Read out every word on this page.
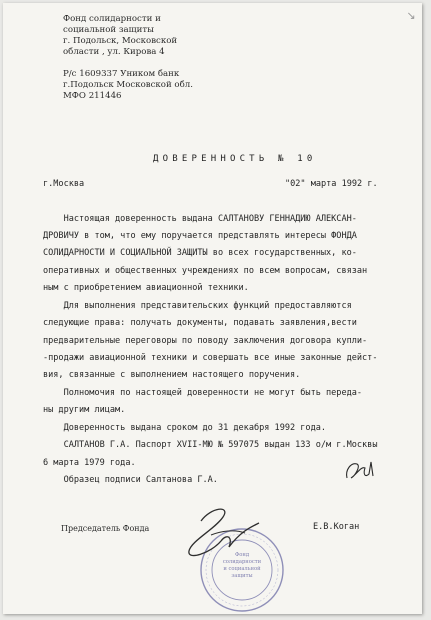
↘
Фонд солидарности и
социальной защиты
г. Подольск, Московской
области , ул. Кирова 4
Р/с 1609337 Уником банк
г.Подольск Московской обл.
МФО 211446
ДОВЕРЕННОСТЬ № 10
г.Москва	"02" марта 1992 г.
Настоящая доверенность выдана САЛТАНОВУ ГЕННАДИЮ АЛЕКСАН-
ДРОВИЧУ в том, что ему поручается представлять интересы ФОНДА
СОЛИДАРНОСТИ И СОЦИАЛЬНОЙ ЗАЩИТЫ во всех государственных, ко-
оперативных и общественных учреждениях по всем вопросам, связан
ным с приобретением авиационной техники.
Для выполнения представительских функций предоставляются
следующие права: получать документы, подавать заявления,вести
предварительные переговоры по поводу заключения договора купли-
-продажи авиационной техники и совершать все иные законные дейст-
вия, связанные с выполнением настоящего поручения.
Полномочия по настоящей доверенности не могут быть переда-
ны другим лицам.
Доверенность выдана сроком до 31 декабря 1992 года.
САЛТАНОВ Г.А. Паспорт XVII-МЮ № 597075 выдан 133 о/м г.Москвы
6 марта 1979 года.
Образец подписи Салтанова Г.А.
Председатель Фонда	Е.В.Коган
Фонд
солидарности
и социальной
защиты
